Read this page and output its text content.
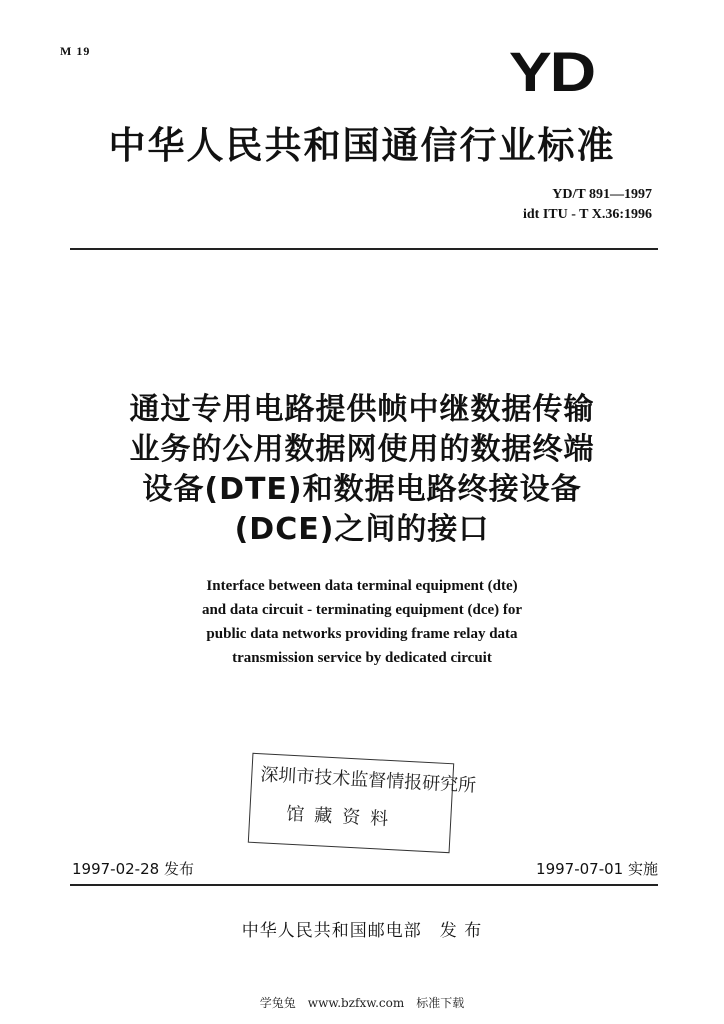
M 19	YD
中华人民共和国通信行业标准
YD/T 891—1997
idt ITU - T X.36:1996
通过专用电路提供帧中继数据传输
业务的公用数据网使用的数据终端
设备(DTE)和数据电路终接设备
(DCE)之间的接口
Interface between data terminal equipment (dte)
and data circuit - terminating equipment (dce) for
public data networks providing frame relay data
transmission service by dedicated circuit
深圳市技术监督情报研究所
馆藏资料
1997-02-28 发布	1997-07-01 实施
中华人民共和国邮电部　发 布
学兔兔　www.bzfxw.com　标准下载
